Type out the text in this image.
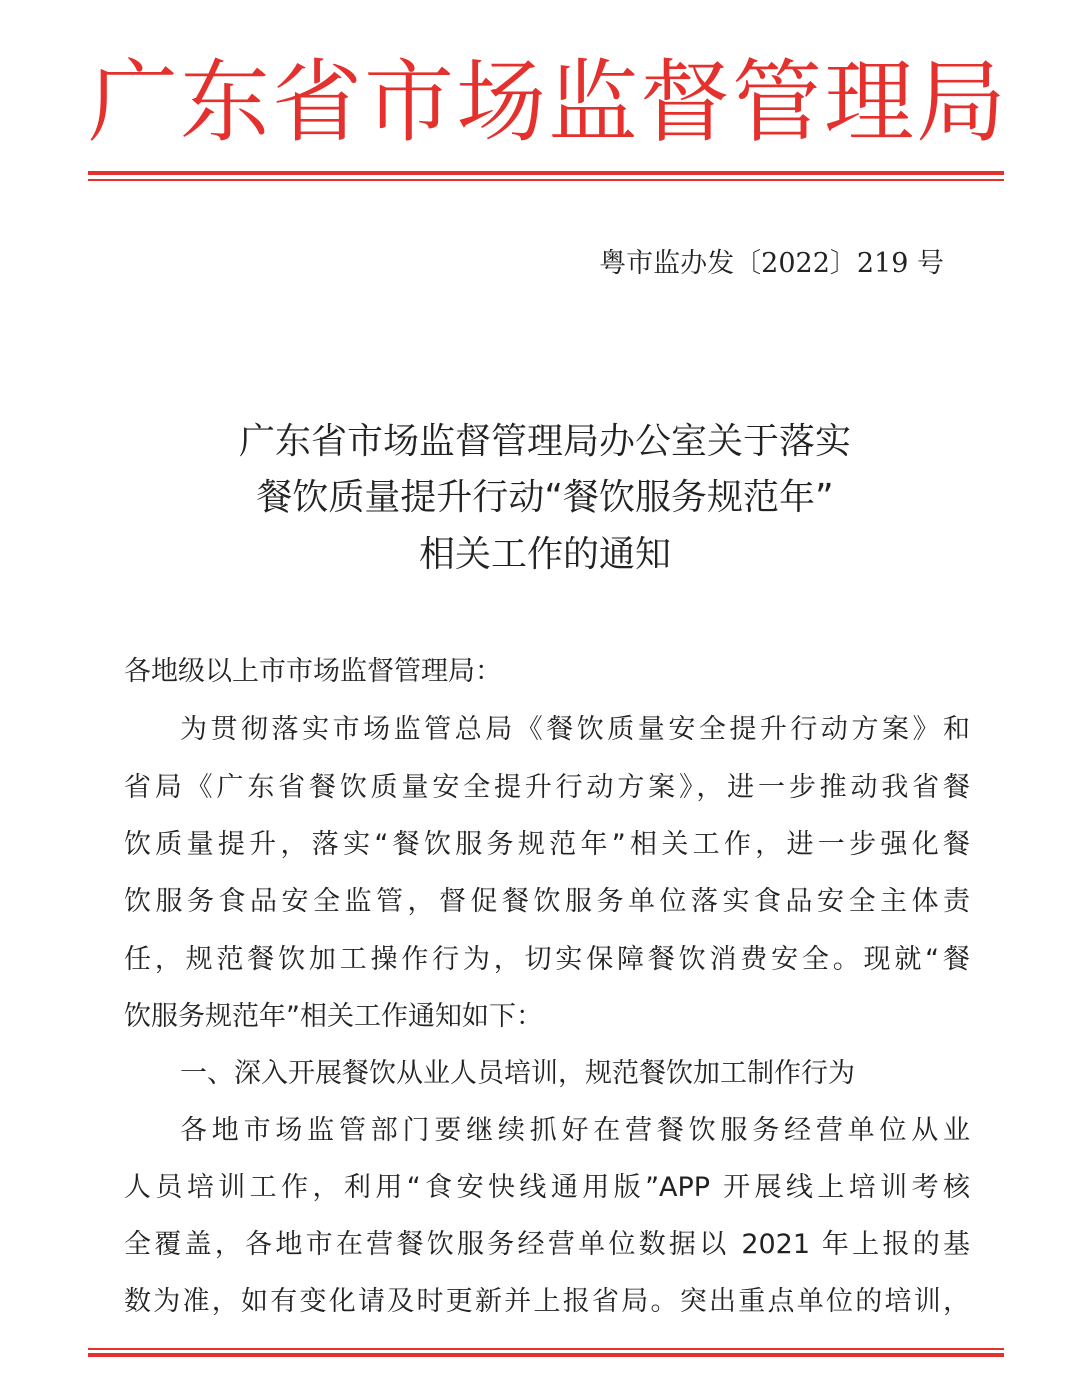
广东省市场监督管理局
粤市监办发〔2022〕219 号
广东省市场监督管理局办公室关于落实
餐饮质量提升行动“餐饮服务规范年”
相关工作的通知
各地级以上市市场监督管理局：
为贯彻落实市场监管总局《餐饮质量安全提升行动方案》和
省局《广东省餐饮质量安全提升行动方案》，进一步推动我省餐
饮质量提升，落实“餐饮服务规范年”相关工作，进一步强化餐
饮服务食品安全监管，督促餐饮服务单位落实食品安全主体责
任，规范餐饮加工操作行为，切实保障餐饮消费安全。现就“餐
饮服务规范年”相关工作通知如下：
一、深入开展餐饮从业人员培训，规范餐饮加工制作行为
各地市场监管部门要继续抓好在营餐饮服务经营单位从业
人员培训工作，利用“食安快线通用版”APP 开展线上培训考核
全覆盖，各地市在营餐饮服务经营单位数据以 2021 年上报的基
数为准，如有变化请及时更新并上报省局。突出重点单位的培训，
